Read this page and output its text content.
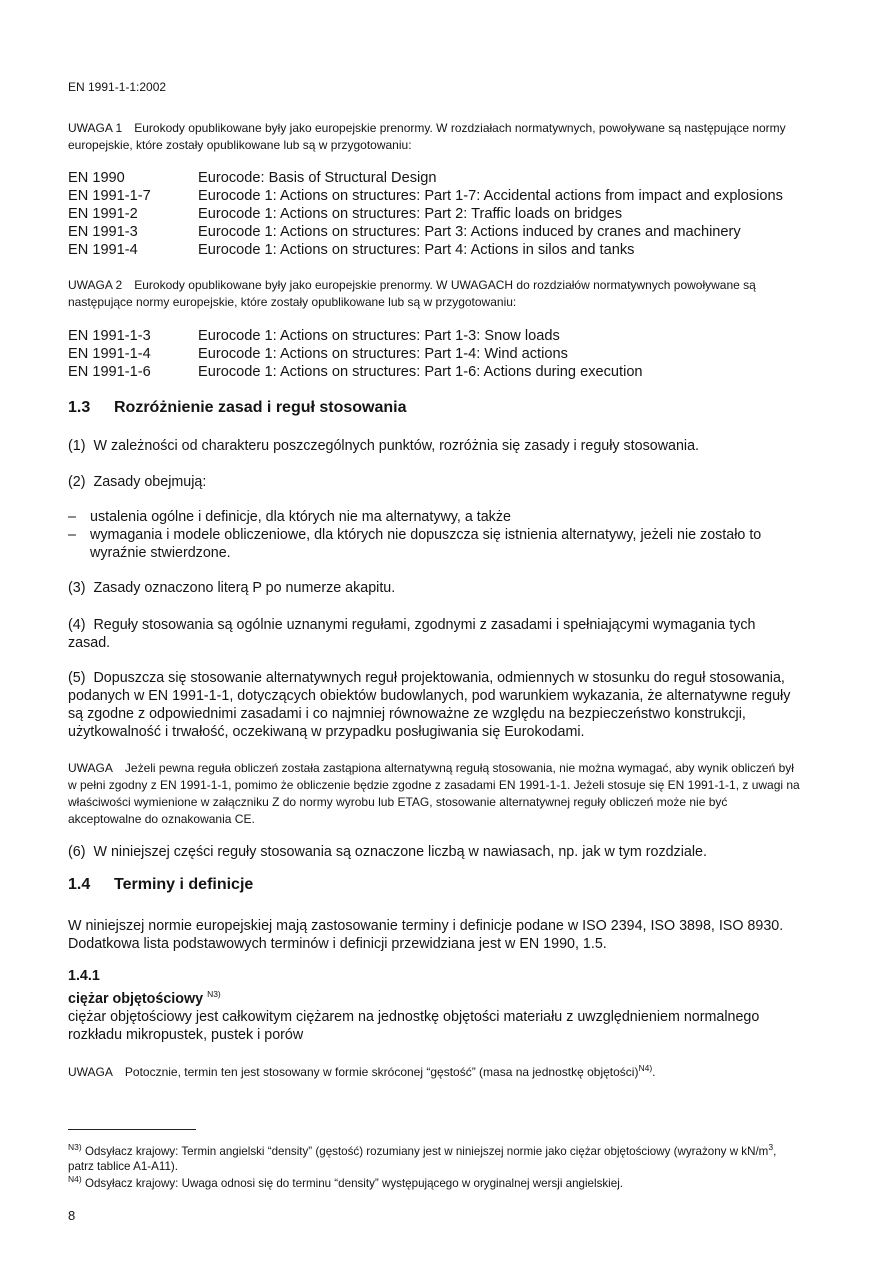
EN 1991-1-1:2002
UWAGA 1 Eurokody opublikowane były jako europejskie prenormy. W rozdziałach normatywnych, powoływane są następujące normy europejskie, które zostały opublikowane lub są w przygotowaniu:
EN 1990	Eurocode: Basis of Structural Design
EN 1991-1-7	Eurocode 1: Actions on structures: Part 1-7: Accidental actions from impact and explosions
EN 1991-2	Eurocode 1: Actions on structures: Part 2: Traffic loads on bridges
EN 1991-3	Eurocode 1: Actions on structures: Part 3: Actions induced by cranes and machinery
EN 1991-4	Eurocode 1: Actions on structures: Part 4: Actions in silos and tanks
UWAGA 2 Eurokody opublikowane były jako europejskie prenormy. W UWAGACH do rozdziałów normatywnych powoływane są następujące normy europejskie, które zostały opublikowane lub są w przygotowaniu:
EN 1991-1-3	Eurocode 1: Actions on structures: Part 1-3: Snow loads
EN 1991-1-4	Eurocode 1: Actions on structures: Part 1-4: Wind actions
EN 1991-1-6	Eurocode 1: Actions on structures: Part 1-6: Actions during execution
1.3 Rozróżnienie zasad i reguł stosowania
(1) W zależności od charakteru poszczególnych punktów, rozróżnia się zasady i reguły stosowania.
(2) Zasady obejmują:
– ustalenia ogólne i definicje, dla których nie ma alternatywy, a także
– wymagania i modele obliczeniowe, dla których nie dopuszcza się istnienia alternatywy, jeżeli nie zostało to wyraźnie stwierdzone.
(3) Zasady oznaczono literą P po numerze akapitu.
(4) Reguły stosowania są ogólnie uznanymi regułami, zgodnymi z zasadami i spełniającymi wymagania tych zasad.
(5) Dopuszcza się stosowanie alternatywnych reguł projektowania, odmiennych w stosunku do reguł stosowania, podanych w EN 1991-1-1, dotyczących obiektów budowlanych, pod warunkiem wykazania, że alternatywne reguły są zgodne z odpowiednimi zasadami i co najmniej równoważne ze względu na bezpieczeństwo konstrukcji, użytkowalność i trwałość, oczekiwaną w przypadku posługiwania się Eurokodami.
UWAGA Jeżeli pewna reguła obliczeń została zastąpiona alternatywną regułą stosowania, nie można wymagać, aby wynik obliczeń był w pełni zgodny z EN 1991-1-1, pomimo że obliczenie będzie zgodne z zasadami EN 1991-1-1. Jeżeli stosuje się EN 1991-1-1, z uwagi na właściwości wymienione w załączniku Z do normy wyrobu lub ETAG, stosowanie alternatywnej reguły obliczeń może nie być akceptowalne do oznakowania CE.
(6) W niniejszej części reguły stosowania są oznaczone liczbą w nawiasach, np. jak w tym rozdziale.
1.4 Terminy i definicje
W niniejszej normie europejskiej mają zastosowanie terminy i definicje podane w ISO 2394, ISO 3898, ISO 8930. Dodatkowa lista podstawowych terminów i definicji przewidziana jest w EN 1990, 1.5.
1.4.1
ciężar objętościowy $^{N3)}$
ciężar objętościowy jest całkowitym ciężarem na jednostkę objętości materiału z uwzględnieniem normalnego rozkładu mikropustek, pustek i porów
UWAGA Potocznie, termin ten jest stosowany w formie skróconej “gęstość” (masa na jednostkę objętości)$^{N4)}$.
$^{N3)}$ Odsyłacz krajowy: Termin angielski “density” (gęstość) rozumiany jest w niniejszej normie jako ciężar objętościowy (wyrażony w $kN/m^3$, patrz tablice A1-A11).
$^{N4)}$ Odsyłacz krajowy: Uwaga odnosi się do terminu “density” występującego w oryginalnej wersji angielskiej.
8
